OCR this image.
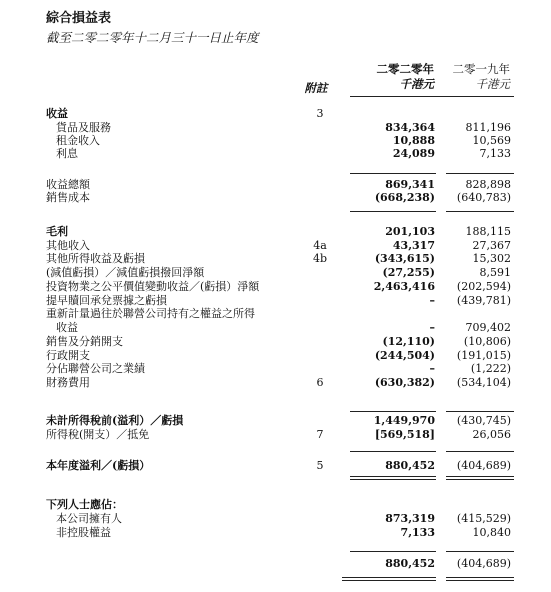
綜合損益表
截至二零二零年十二月三十一日止年度
二零二零年
千港元
二零一九年
千港元
附註
收益	3
貨品及服務	834,364	811,196
租金收入	10,888	10,569
利息	24,089	7,133
收益總額	869,341	828,898
銷售成本	(668,238) (640,783)
毛利	201,103	188,115
其他收入	4a	43,317	27,367
其他所得收益及虧損	4b	(343,615)	15,302
(減值虧損）／減值虧損撥回淨額	(27,255)	8,591
投資物業之公平價值變動收益／(虧損）淨額	2,463,416 (202,594)
提早贖回承兌票據之虧損	– (439,781)
重新計量過往於聯營公司持有之權益之所得
收益	–	709,402
銷售及分銷開支	(12,110)	(10,806)
行政開支	(244,504) (191,015)
分佔聯營公司之業績	–	(1,222)
財務費用	6	(630,382) (534,104)
未計所得稅前(溢利）／虧損	1,449,970 (430,745)
所得稅(開支）／抵免	7	[569,518]	26,056
本年度溢利／(虧損）	5	880,452 (404,689)
下列人士應佔：
本公司擁有人	873,319 (415,529)
非控股權益	7,133	10,840
880,452 (404,689)
